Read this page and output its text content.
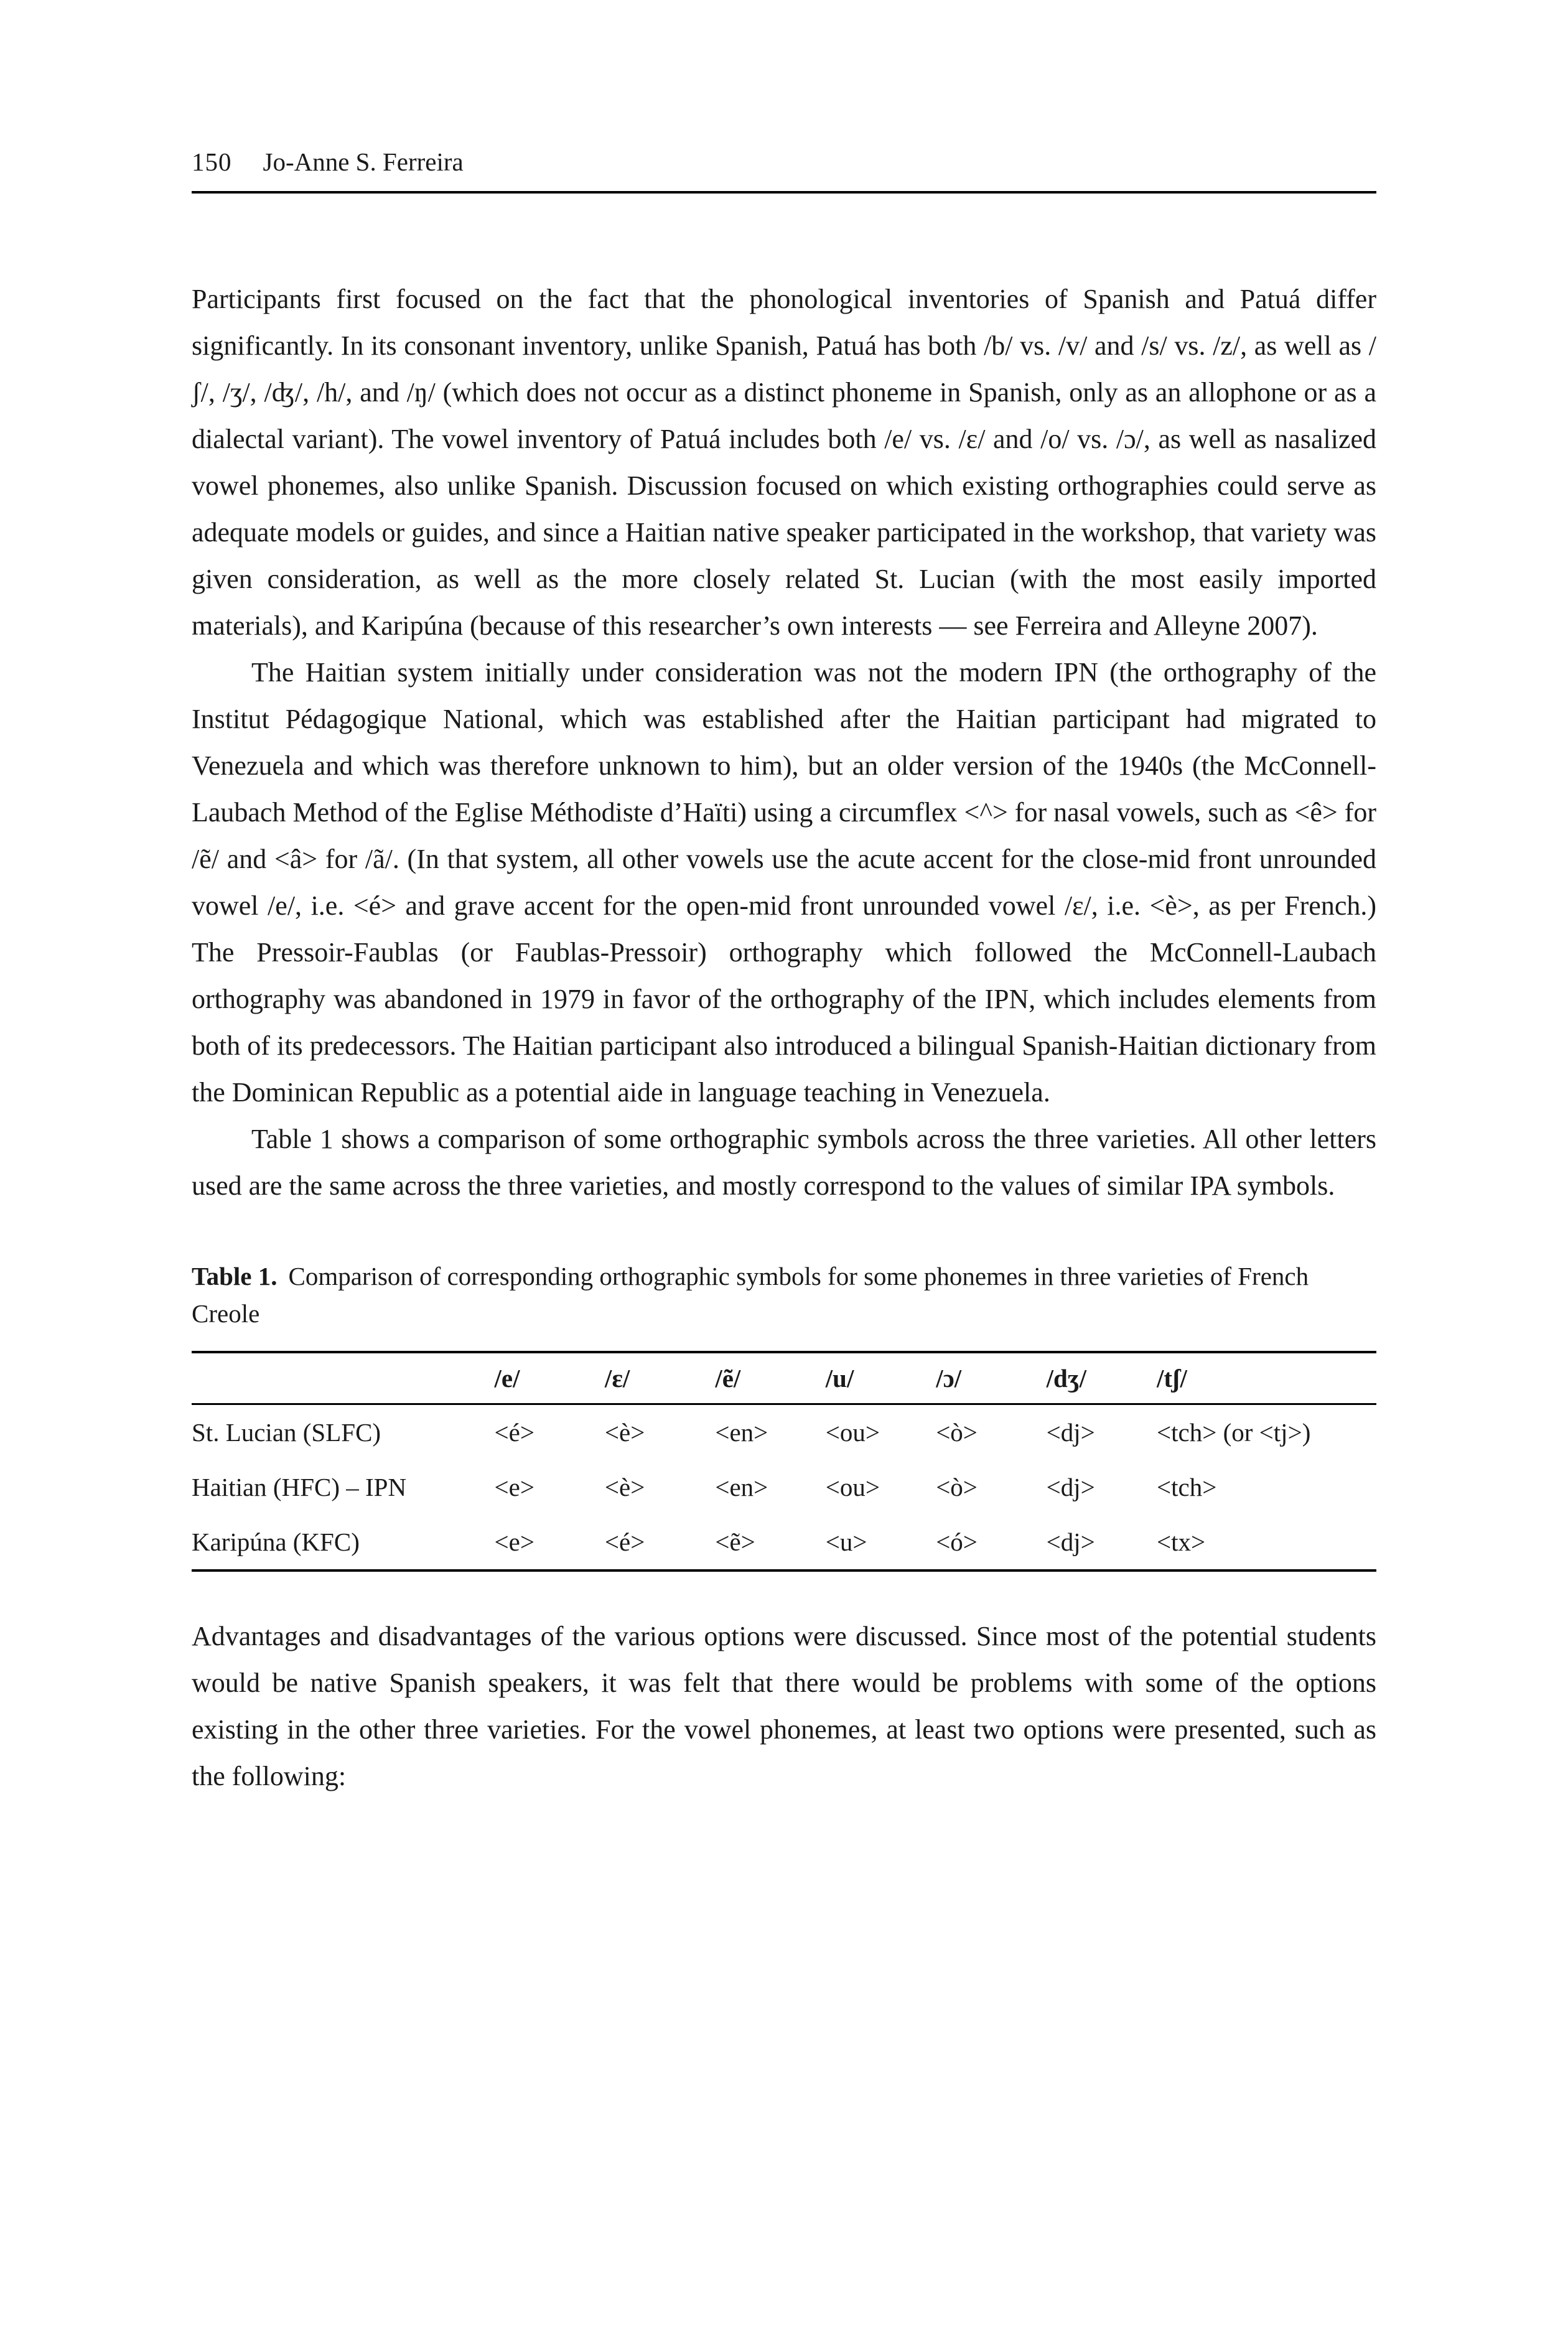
150 Jo-Anne S. Ferreira

Participants first focused on the fact that the phonological inventories of Spanish and Patuá differ significantly. In its consonant inventory, unlike Spanish, Patuá has both /b/ vs. /v/ and /s/ vs. /z/, as well as /ʃ/, /ʒ/, /ʤ/, /h/, and /ŋ/ (which does not occur as a distinct phoneme in Spanish, only as an allophone or as a dialectal variant). The vowel inventory of Patuá includes both /e/ vs. /ɛ/ and /o/ vs. /ɔ/, as well as nasalized vowel phonemes, also unlike Spanish. Discussion focused on which existing orthographies could serve as adequate models or guides, and since a Haitian native speaker participated in the workshop, that variety was given consideration, as well as the more closely related St. Lucian (with the most easily imported materials), and Karipúna (because of this researcher’s own interests — see Ferreira and Alleyne 2007).

The Haitian system initially under consideration was not the modern IPN (the orthography of the Institut Pédagogique National, which was established after the Haitian participant had migrated to Venezuela and which was therefore unknown to him), but an older version of the 1940s (the McConnell-Laubach Method of the Eglise Méthodiste d’Haïti) using a circumflex <^> for nasal vowels, such as <ê> for /ẽ/ and <â> for /ã/. (In that system, all other vowels use the acute accent for the close-mid front unrounded vowel /e/, i.e. <é> and grave accent for the open-mid front unrounded vowel /ɛ/, i.e. <è>, as per French.) The Pressoir-Faublas (or Faublas-Pressoir) orthography which followed the McConnell-Laubach orthography was abandoned in 1979 in favor of the orthography of the IPN, which includes elements from both of its predecessors. The Haitian participant also introduced a bilingual Spanish-Haitian dictionary from the Dominican Republic as a potential aide in language teaching in Venezuela.

Table 1 shows a comparison of some orthographic symbols across the three varieties. All other letters used are the same across the three varieties, and mostly correspond to the values of similar IPA symbols.

Table 1. Comparison of corresponding orthographic symbols for some phonemes in three varieties of French Creole

	/e/	/ɛ/	/ẽ/	/u/	/ɔ/	/dʒ/	/tʃ/
St. Lucian (SLFC)	<é>	<è>	<en>	<ou>	<ò>	<dj>	<tch> (or <tj>)
Haitian (HFC) – IPN	<e>	<è>	<en>	<ou>	<ò>	<dj>	<tch>
Karipúna (KFC)	<e>	<é>	<ẽ>	<u>	<ó>	<dj>	<tx>

Advantages and disadvantages of the various options were discussed. Since most of the potential students would be native Spanish speakers, it was felt that there would be problems with some of the options existing in the other three varieties. For the vowel phonemes, at least two options were presented, such as the following:
